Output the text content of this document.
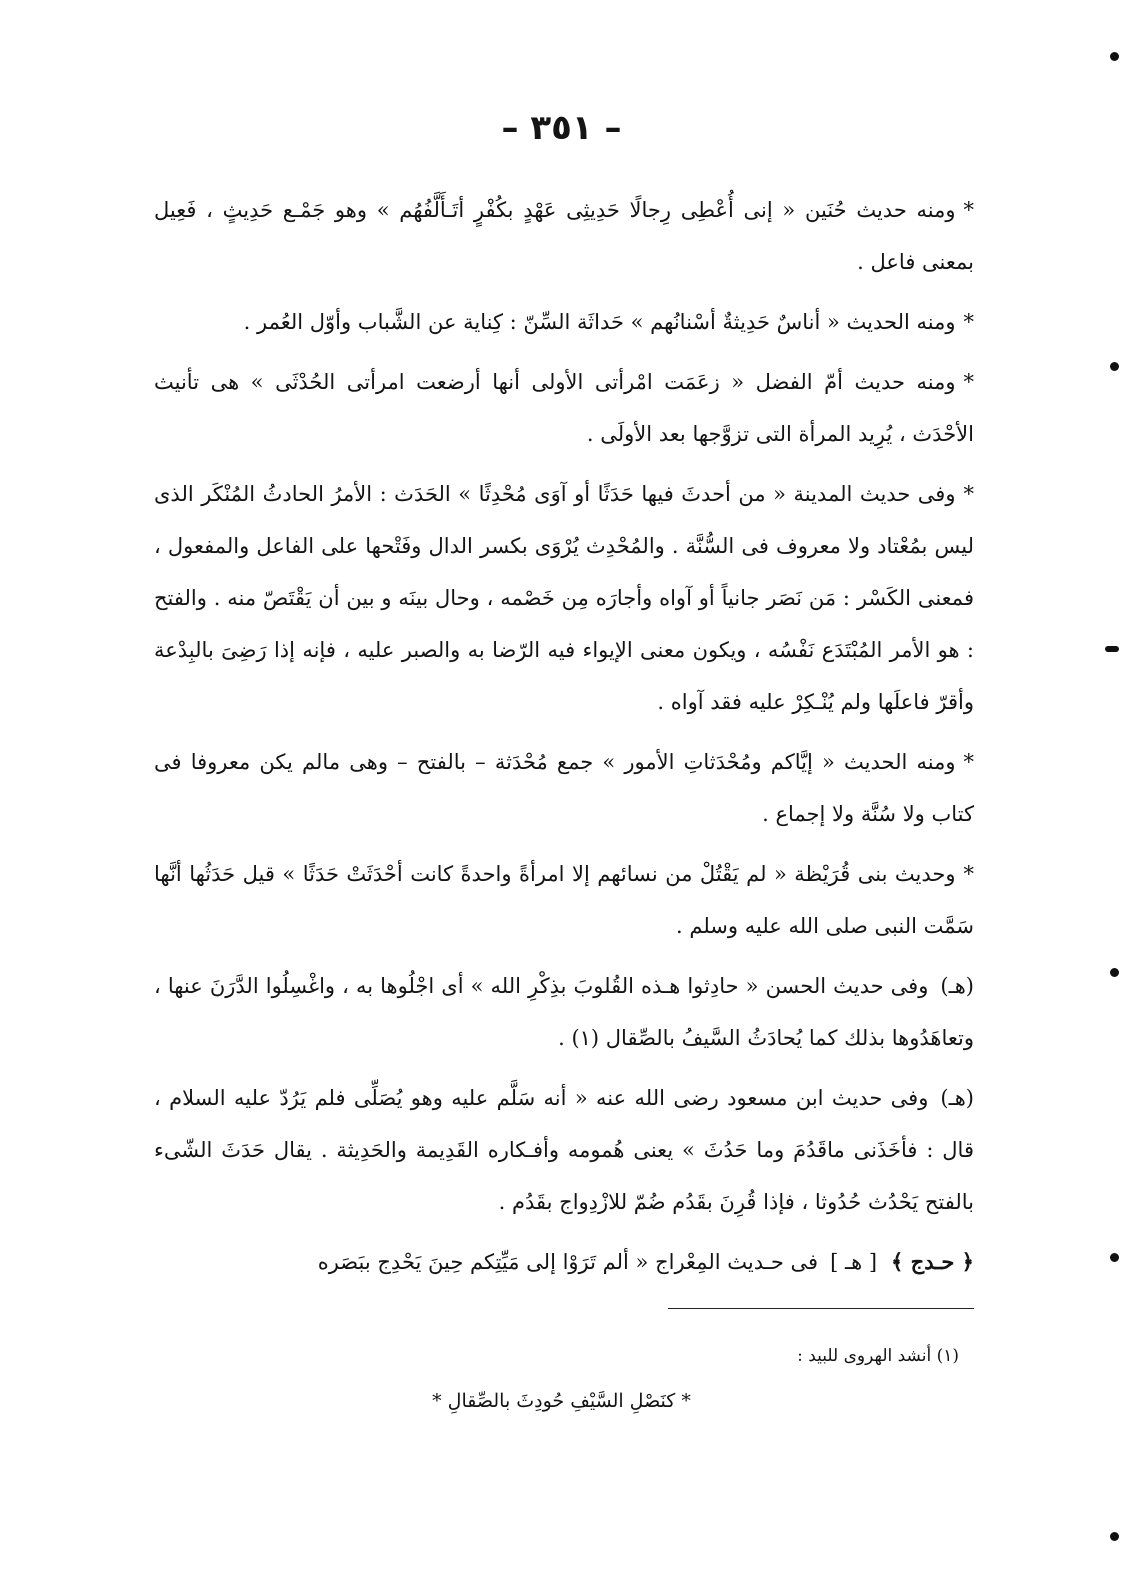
– ٣٥١ –

*ومنه حديث حُنَين « إنى أُعْطِى رِجالًا حَدِيثِى عَهْدٍ بكُفْرٍ أتَـأَلَّفُهُم » وهو جَمْـع حَدِيثٍ ، فَعِيل بمعنى فاعل .

*ومنه الحديث « أناسٌ حَدِيثةٌ أسْنانُهم » حَداثَة السِّنّ : كِناية عن الشَّباب وأوّل العُمر .

*ومنه حديث أمّ الفضل « زعَمَت امْرأتى الأولى أنها أرضعت امرأتى الحُدْثَى » هى تأنيث الأحْدَث ، يُرِيد المرأة التى تزوَّجها بعد الأولَى .

*وفى حديث المدينة « من أحدثَ فيها حَدَثًا أو آوَى مُحْدِثًا » الحَدَث : الأمرُ الحادثُ المُنْكَر الذى ليس بمُعْتاد ولا معروف فى السُّنَّة . والمُحْدِث يُرْوَى بكسر الدال وفَتْحها على الفاعل والمفعول ، فمعنى الكَسْر : مَن نَصَر جانياً أو آواه وأجارَه مِن خَصْمه ، وحال بينَه و بين أن يَقْتَصّ منه . والفتح : هو الأمر المُبْتَدَع نَفْسُه ، ويكون معنى الإيواء فيه الرّضا به والصبر عليه ، فإنه إذا رَضِىَ بالبِدْعة وأقرّ فاعلَها ولم يُنْـكِرْ عليه فقد آواه .

*ومنه الحديث « إيَّاكم ومُحْدَثاتِ الأمور » جمع مُحْدَثة – بالفتح – وهى مالم يكن معروفا فى كتاب ولا سُنَّة ولا إجماع .

*وحديث بنى قُرَيْظة « لم يَقْتُلْ من نسائهم إلا امرأةً واحدةً كانت أحْدَثَتْ حَدَثًا » قيل حَدَثُها أنَّها سَمَّت النبى صلى الله عليه وسلم .

(هـ)وفى حديث الحسن « حادِثوا هـذه القُلوبَ بذِكْرِ الله » أى اجْلُوها به ، واغْسِلُوا الدَّرَنَ عنها ، وتعاهَدُوها بذلك كما يُحادَثُ السَّيفُ بالصِّقال (١) .

(هـ)وفى حديث ابن مسعود رضى الله عنه « أنه سَلَّم عليه وهو يُصَلِّى فلم يَرُدّ عليه السلام ، قال : فأخَذَنى ماقَدُمَ وما حَدُثَ » يعنى هُمومه وأفـكاره القَدِيمة والحَدِيثة . يقال حَدَثَ الشّىء بالفتح يَحْدُث حُدُوثا ، فإذا قُرِنَ بقَدُم ضُمّ للازْدِواج بقَدُم .

﴿ حـدج ﴾[ هـ ]فى حـديث المِعْراج « ألم تَرَوْا إلى مَيِّتِكم حِينَ يَحْدِج ببَصَره

(١) أنشد الهروى للبيد :
* كنَصْلِ السَّيْفِ حُودِثَ بالصِّقالِ *
